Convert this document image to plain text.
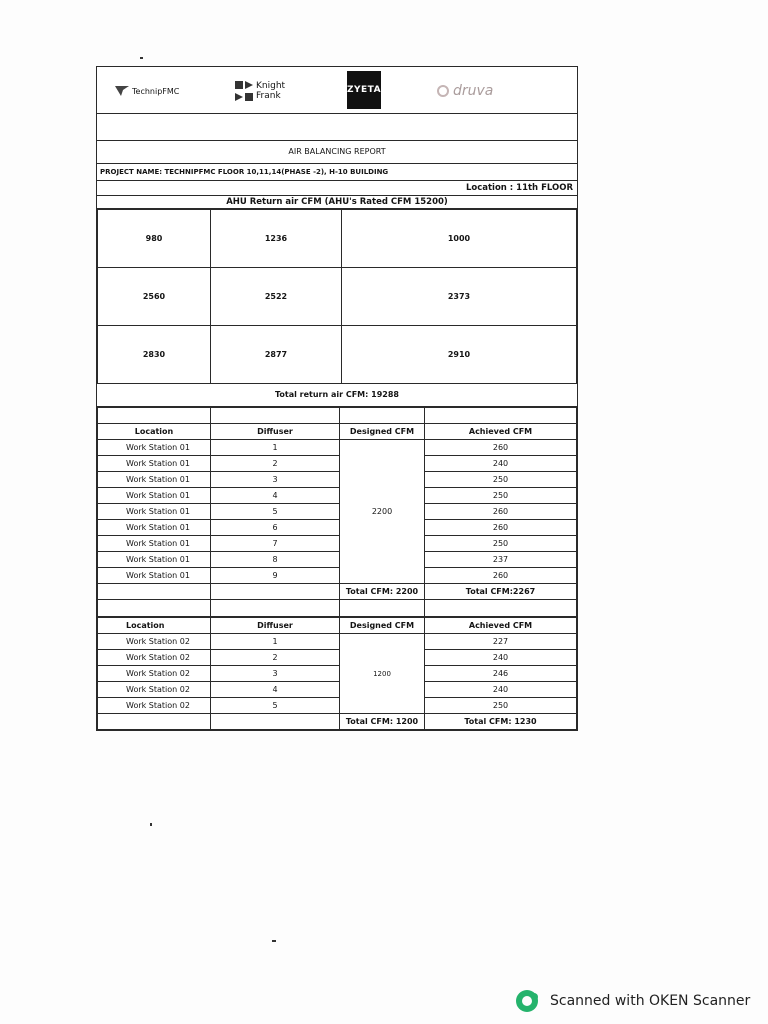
TechnipFMC	Knight
Frank
ZYETA	druva
AIR BALANCING REPORT
PROJECT NAME: TECHNIPFMC FLOOR 10,11,14(PHASE -2), H-10 BUILDING
Location : 11th FLOOR
AHU Return air CFM (AHU's Rated CFM 15200)
980	1236	1000
2560	2522	2373
2830	2877	2910
Total return air CFM: 19288

Location	Diffuser	Designed CFM	Achieved CFM
Work Station 01	1	2200	260
Work Station 01	2		240
Work Station 01	3		250
Work Station 01	4		250
Work Station 01	5		260
Work Station 01	6		260
Work Station 01	7		250
Work Station 01	8		237
Work Station 01	9		260
		Total CFM: 2200	Total CFM:2267

Location	Diffuser	Designed CFM	Achieved CFM
Work Station 02	1	1200	227
Work Station 02	2		240
Work Station 02	3		246
Work Station 02	4		240
Work Station 02	5		250
		Total CFM: 1200	Total CFM: 1230
Scanned with OKEN Scanner
